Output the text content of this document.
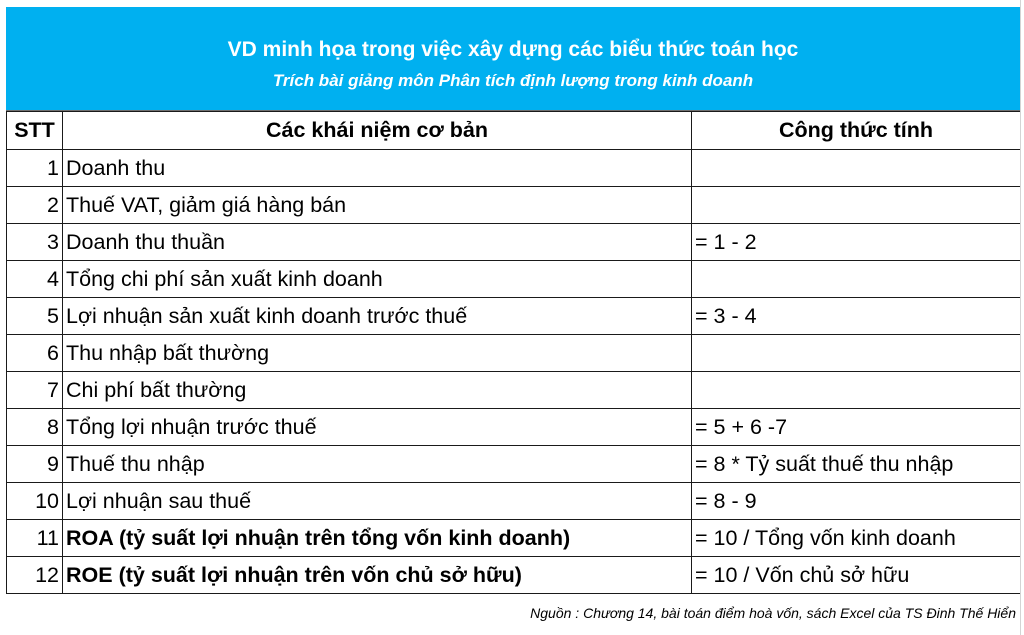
VD minh họa trong việc xây dựng các biểu thức toán học
Trích bài giảng môn Phân tích định lượng trong kinh doanh
STT	Các khái niệm cơ bản	Công thức tính
1	Doanh thu	
2	Thuế VAT, giảm giá hàng bán	
3	Doanh thu thuần	= 1 - 2
4	Tổng chi phí sản xuất kinh doanh	
5	Lợi nhuận sản xuất kinh doanh trước thuế	= 3 - 4
6	Thu nhập bất thường	
7	Chi phí bất thường	
8	Tổng lợi nhuận trước thuế	= 5 + 6 -7
9	Thuế thu nhập	= 8 * Tỷ suất thuế thu nhập
10	Lợi nhuận sau thuế	= 8 - 9
11	ROA (tỷ suất lợi nhuận trên tổng vốn kinh doanh)	= 10 / Tổng vốn kinh doanh
12	ROE (tỷ suất lợi nhuận trên vốn chủ sở hữu)	= 10 / Vốn chủ sở hữu
Nguồn : Chương 14, bài toán điểm hoà vốn, sách Excel của TS Đinh Thế Hiển
